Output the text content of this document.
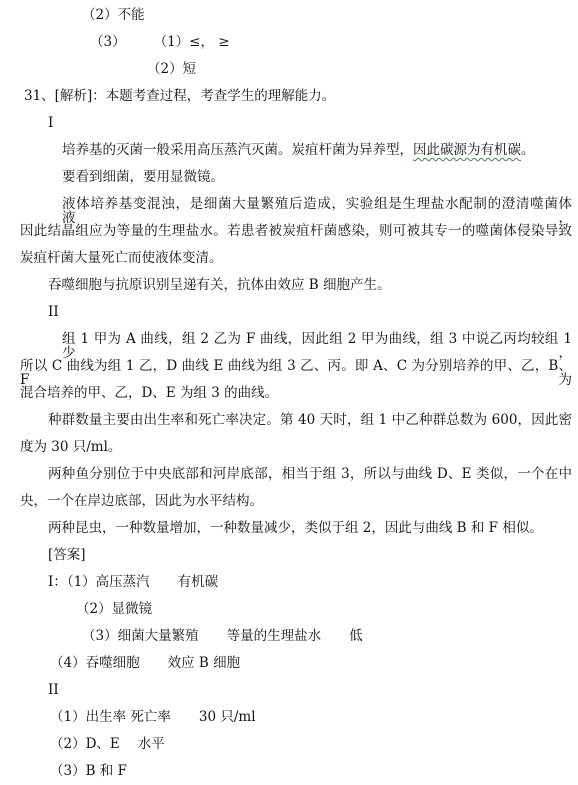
（2）不能
（3） （1）≤， ≥
（2）短
31、[解析]：本题考查过程，考查学生的理解能力。
I
培养基的灭菌一般采用高压蒸汽灭菌。炭疽杆菌为异养型，因此碳源为有机碳。
要看到细菌，要用显微镜。
液体培养基变混浊，是细菌大量繁殖后造成，实验组是生理盐水配制的澄清噬菌体液，
因此结晶组应为等量的生理盐水。若患者被炭疽杆菌感染，则可被其专一的噬菌体侵染导致
炭疽杆菌大量死亡而使液体变清。
吞噬细胞与抗原识别呈递有关，抗体由效应 B 细胞产生。
II
组 1 甲为 A 曲线，组 2 乙为 F 曲线，因此组 2 甲为曲线，组 3 中说乙丙均较组 1 少，
所以 C 曲线为组 1 乙，D 曲线 E 曲线为组 3 乙、丙。即 A、C 为分别培养的甲、乙，B、F 为
混合培养的甲、乙，D、E 为组 3 的曲线。
种群数量主要由出生率和死亡率决定。第 40 天时，组 1 中乙种群总数为 600，因此密
度为 30 只/ml。
两种鱼分别位于中央底部和河岸底部，相当于组 3，所以与曲线 D、E 类似，一个在中
央，一个在岸边底部，因此为水平结构。
两种昆虫，一种数量增加，一种数量减少，类似于组 2，因此与曲线 B 和 F 相似。
[答案]
I：（1）高压蒸汽 有机碳
（2）显微镜
（3）细菌大量繁殖 等量的生理盐水 低
（4）吞噬细胞 效应 B 细胞
II
（1）出生率 死亡率 30 只/ml
（2）D、E 水平
（3）B 和 F
